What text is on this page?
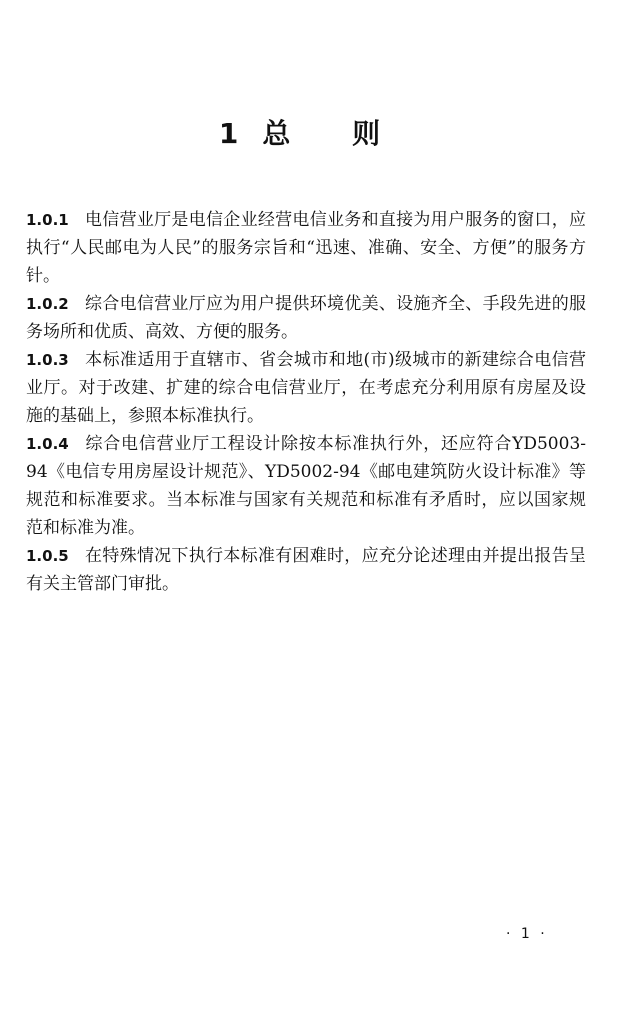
1 总 则

1.0.1 电信营业厅是电信企业经营电信业务和直接为用户服务的窗口，应执行“人民邮电为人民”的服务宗旨和“迅速、准确、安全、方便”的服务方针。

1.0.2 综合电信营业厅应为用户提供环境优美、设施齐全、手段先进的服务场所和优质、高效、方便的服务。

1.0.3 本标准适用于直辖市、省会城市和地(市)级城市的新建综合电信营业厅。对于改建、扩建的综合电信营业厅，在考虑充分利用原有房屋及设施的基础上，参照本标准执行。

1.0.4 综合电信营业厅工程设计除按本标准执行外，还应符合YD5003-94《电信专用房屋设计规范》、YD5002-94《邮电建筑防火设计标准》等规范和标准要求。当本标准与国家有关规范和标准有矛盾时，应以国家规范和标准为准。

1.0.5 在特殊情况下执行本标准有困难时，应充分论述理由并提出报告呈有关主管部门审批。

· 1 ·
